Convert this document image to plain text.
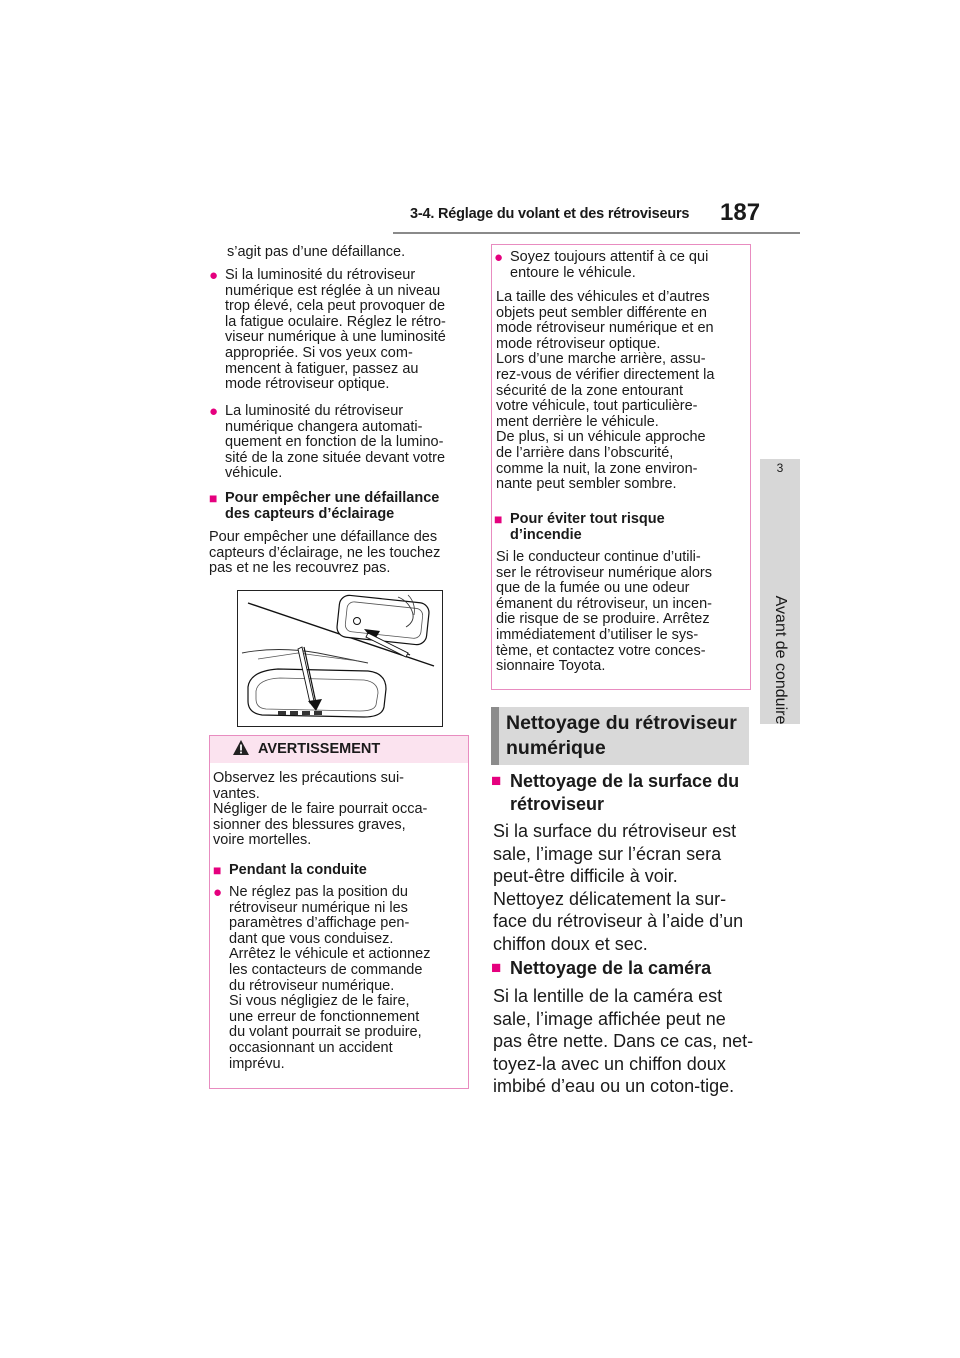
3-4. Réglage du volant et des rétroviseurs 187
3
Avant de conduire
s’agit pas d’une défaillance.
● Si la luminosité du rétroviseur
numérique est réglée à un niveau
trop élevé, cela peut provoquer de
la fatigue oculaire. Réglez le rétro-
viseur numérique à une luminosité
appropriée. Si vos yeux com-
mencent à fatiguer, passez au
mode rétroviseur optique.
● La luminosité du rétroviseur
numérique changera automati-
quement en fonction de la lumino-
sité de la zone située devant votre
véhicule.
■ Pour empêcher une défaillance
des capteurs d’éclairage
Pour empêcher une défaillance des
capteurs d’éclairage, ne les touchez
pas et ne les recouvrez pas.
AVERTISSEMENT
Observez les précautions sui-
vantes.
Négliger de le faire pourrait occa-
sionner des blessures graves,
voire mortelles.
■ Pendant la conduite
● Ne réglez pas la position du
rétroviseur numérique ni les
paramètres d’affichage pen-
dant que vous conduisez.
Arrêtez le véhicule et actionnez
les contacteurs de commande
du rétroviseur numérique.
Si vous négligiez de le faire,
une erreur de fonctionnement
du volant pourrait se produire,
occasionnant un accident
imprévu.
● Soyez toujours attentif à ce qui
entoure le véhicule.
La taille des véhicules et d’autres
objets peut sembler différente en
mode rétroviseur numérique et en
mode rétroviseur optique.
Lors d’une marche arrière, assu-
rez-vous de vérifier directement la
sécurité de la zone entourant
votre véhicule, tout particulière-
ment derrière le véhicule.
De plus, si un véhicule approche
de l’arrière dans l’obscurité,
comme la nuit, la zone environ-
nante peut sembler sombre.
■ Pour éviter tout risque
d’incendie
Si le conducteur continue d’utili-
ser le rétroviseur numérique alors
que de la fumée ou une odeur
émanent du rétroviseur, un incen-
die risque de se produire. Arrêtez
immédiatement d’utiliser le sys-
tème, et contactez votre conces-
sionnaire Toyota.
Nettoyage du rétroviseur
numérique
■ Nettoyage de la surface du
rétroviseur
Si la surface du rétroviseur est
sale, l’image sur l’écran sera
peut-être difficile à voir.
Nettoyez délicatement la sur-
face du rétroviseur à l’aide d’un
chiffon doux et sec.
■ Nettoyage de la caméra
Si la lentille de la caméra est
sale, l’image affichée peut ne
pas être nette. Dans ce cas, net-
toyez-la avec un chiffon doux
imbibé d’eau ou un coton-tige.
